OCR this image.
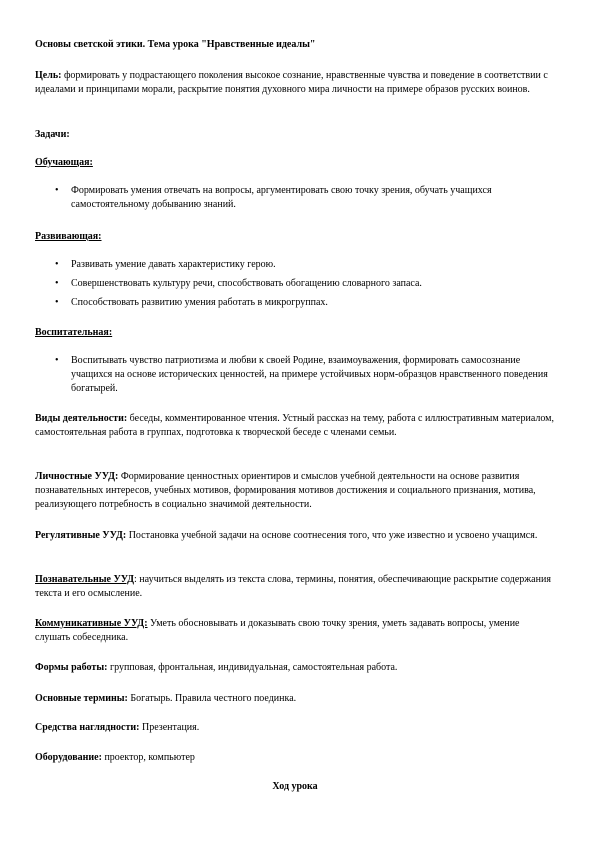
Основы светской этики. Тема урока "Нравственные идеалы"
Цель: формировать у подрастающего поколения высокое сознание, нравственные чувства и поведение в соответствии с идеалами и принципами морали, раскрытие понятия духовного мира личности на примере образов русских воинов.
Задачи:
Обучающая:
• Формировать умения отвечать на вопросы, аргументировать свою точку зрения, обучать учащихся самостоятельному добыванию знаний.
Развивающая:
• Развивать умение давать характеристику герою.
• Совершенствовать культуру речи, способствовать обогащению словарного запаса.
• Способствовать развитию умения работать в микрогруппах.
Воспитательная:
• Воспитывать чувство патриотизма и любви к своей Родине, взаимоуважения, формировать самосознание учащихся на основе исторических ценностей, на примере устойчивых норм-образцов нравственного поведения богатырей.
Виды деятельности: беседы, комментированное чтения. Устный рассказ на тему, работа с иллюстративным материалом, самостоятельная работа в группах, подготовка к творческой беседе с членами семьи.
Личностные УУД: Формирование ценностных ориентиров и смыслов учебной деятельности на основе развития познавательных интересов, учебных мотивов, формирования мотивов достижения и социального признания, мотива, реализующего потребность в социально значимой деятельности.
Регулятивные УУД: Постановка учебной задачи на основе соотнесения того, что уже известно и усвоено учащимся.
Познавательные УУД: научиться выделять из текста слова, термины, понятия, обеспечивающие раскрытие содержания текста и его осмысление.
Коммуникативные УУД: Уметь обосновывать и доказывать свою точку зрения, уметь задавать вопросы, умение слушать собеседника.
Формы работы: групповая, фронтальная, индивидуальная, самостоятельная работа.
Основные термины: Богатырь. Правила честного поединка.
Средства наглядности: Презентация.
Оборудование: проектор, компьютер
Ход урока
